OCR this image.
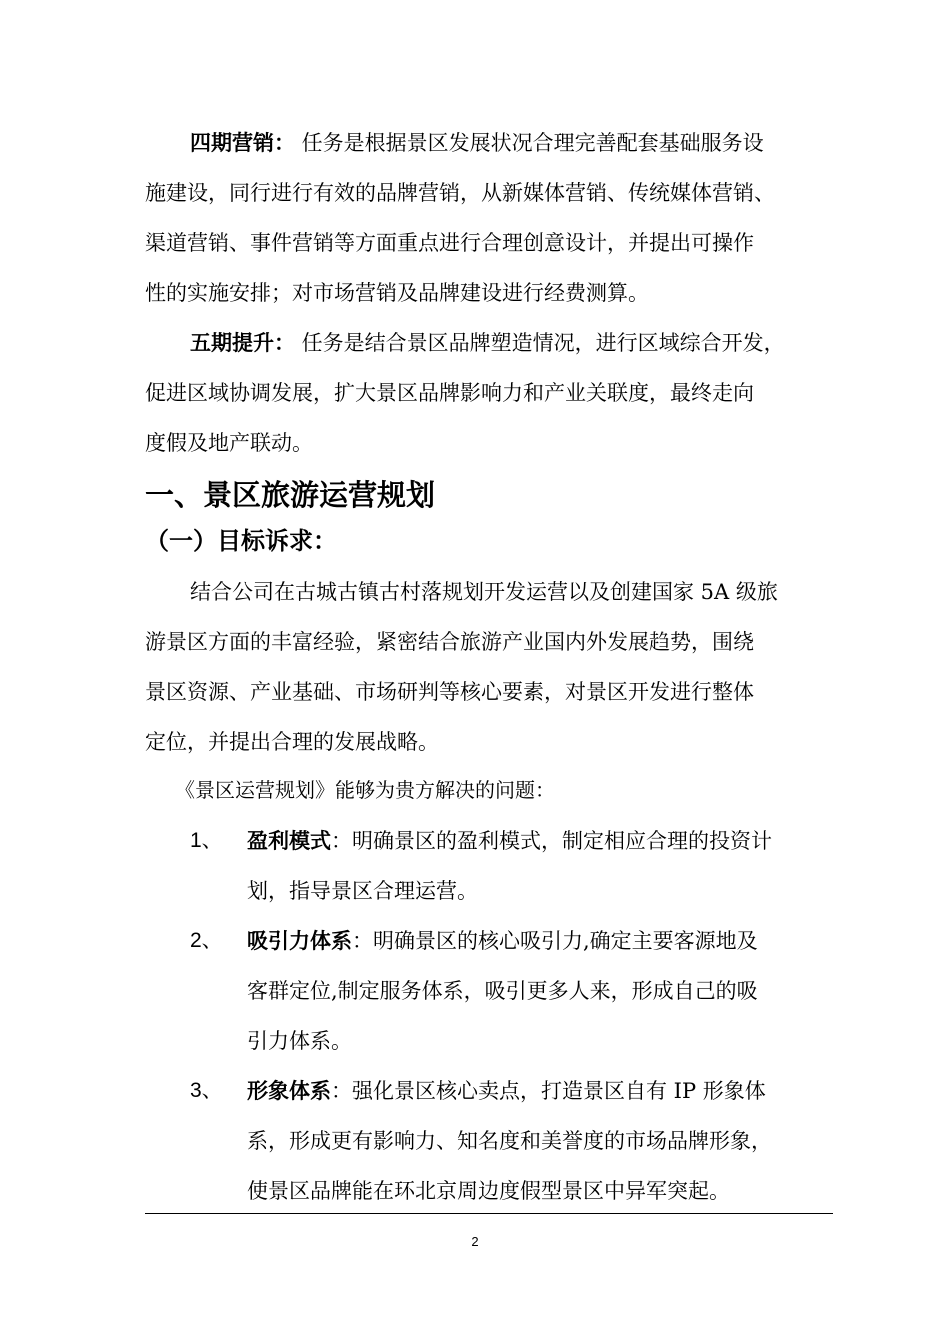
四期营销： 任务是根据景区发展状况合理完善配套基础服务设
施建设，同行进行有效的品牌营销，从新媒体营销、传统媒体营销、
渠道营销、事件营销等方面重点进行合理创意设计，并提出可操作
性的实施安排；对市场营销及品牌建设进行经费测算。
五期提升： 任务是结合景区品牌塑造情况，进行区域综合开发，
促进区域协调发展，扩大景区品牌影响力和产业关联度，最终走向
度假及地产联动。
一、景区旅游运营规划
（一）目标诉求：
结合公司在古城古镇古村落规划开发运营以及创建国家 5A 级旅
游景区方面的丰富经验，紧密结合旅游产业国内外发展趋势，围绕
景区资源、产业基础、市场研判等核心要素，对景区开发进行整体
定位，并提出合理的发展战略。
《景区运营规划》能够为贵方解决的问题：
1、 盈利模式：明确景区的盈利模式，制定相应合理的投资计
划，指导景区合理运营。
2、 吸引力体系：明确景区的核心吸引力,确定主要客源地及
客群定位,制定服务体系，吸引更多人来，形成自己的吸
引力体系。
3、 形象体系：强化景区核心卖点，打造景区自有 IP 形象体
系，形成更有影响力、知名度和美誉度的市场品牌形象，
使景区品牌能在环北京周边度假型景区中异军突起。
2
